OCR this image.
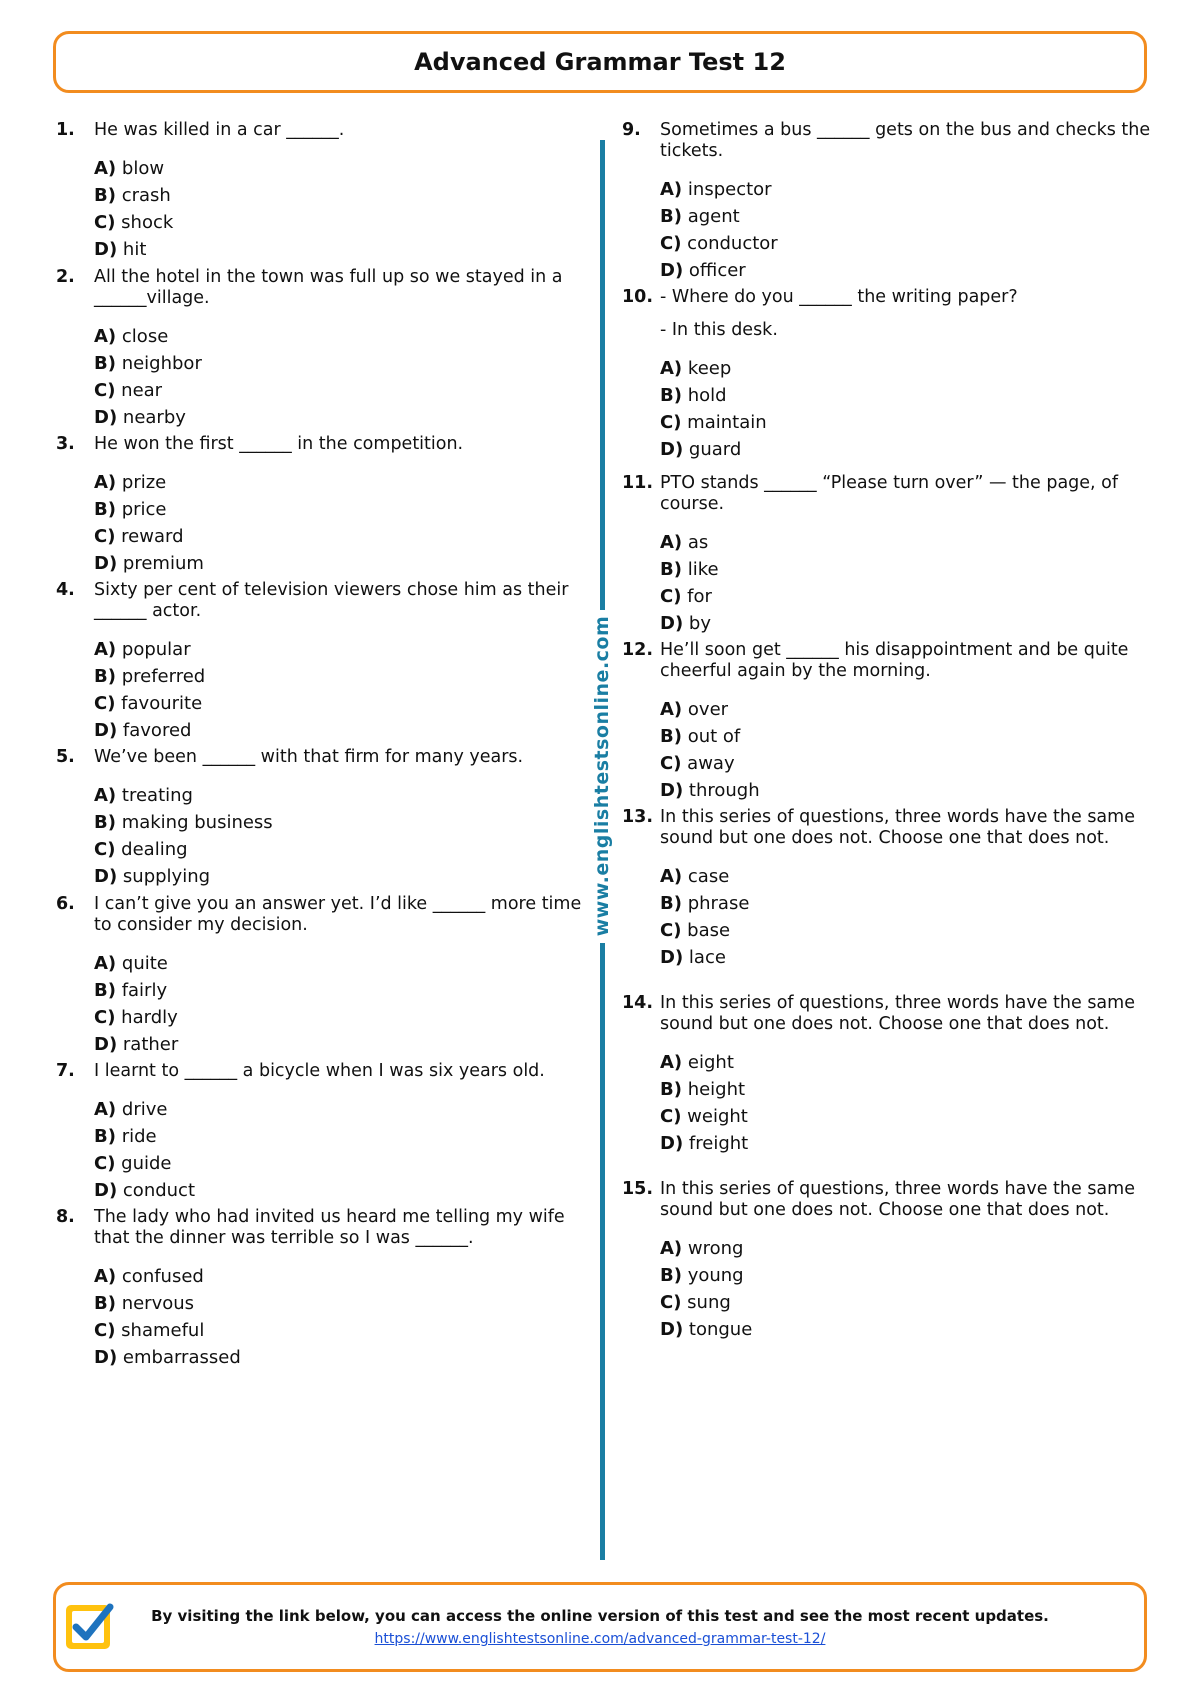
Advanced Grammar Test 12
1.	He was killed in a car ______.
A) blow
B) crash
C) shock
D) hit
2.	All the hotel in the town was full up so we stayed in a ______village.
A) close
B) neighbor
C) near
D) nearby
3.	He won the first ______ in the competition.
A) prize
B) price
C) reward
D) premium
4.	Sixty per cent of television viewers chose him as their ______ actor.
A) popular
B) preferred
C) favourite
D) favored
5.	We’ve been ______ with that firm for many years.
A) treating
B) making business
C) dealing
D) supplying
6.	I can’t give you an answer yet. I’d like ______ more time to consider my decision.
A) quite
B) fairly
C) hardly
D) rather
7.	I learnt to ______ a bicycle when I was six years old.
A) drive
B) ride
C) guide
D) conduct
8.	The lady who had invited us heard me telling my wife that the dinner was terrible so I was ______.
A) confused
B) nervous
C) shameful
D) embarrassed
9.	Sometimes a bus ______ gets on the bus and checks the tickets.
A) inspector
B) agent
C) conductor
D) officer
10. - Where do you ______ the writing paper?
- In this desk.
A) keep
B) hold
C) maintain
D) guard
11. PTO stands ______ “Please turn over” — the page, of course.
A) as
B) like
C) for
D) by
12. He’ll soon get ______ his disappointment and be quite cheerful again by the morning.
A) over
B) out of
C) away
D) through
13. In this series of questions, three words have the same sound but one does not. Choose one that does not.
A) case
B) phrase
C) base
D) lace
14. In this series of questions, three words have the same sound but one does not. Choose one that does not.
A) eight
B) height
C) weight
D) freight
15. In this series of questions, three words have the same sound but one does not. Choose one that does not.
A) wrong
B) young
C) sung
D) tongue
www.englishtestsonline.com
By visiting the link below, you can access the online version of this test and see the most recent updates.
https://www.englishtestsonline.com/advanced-grammar-test-12/
